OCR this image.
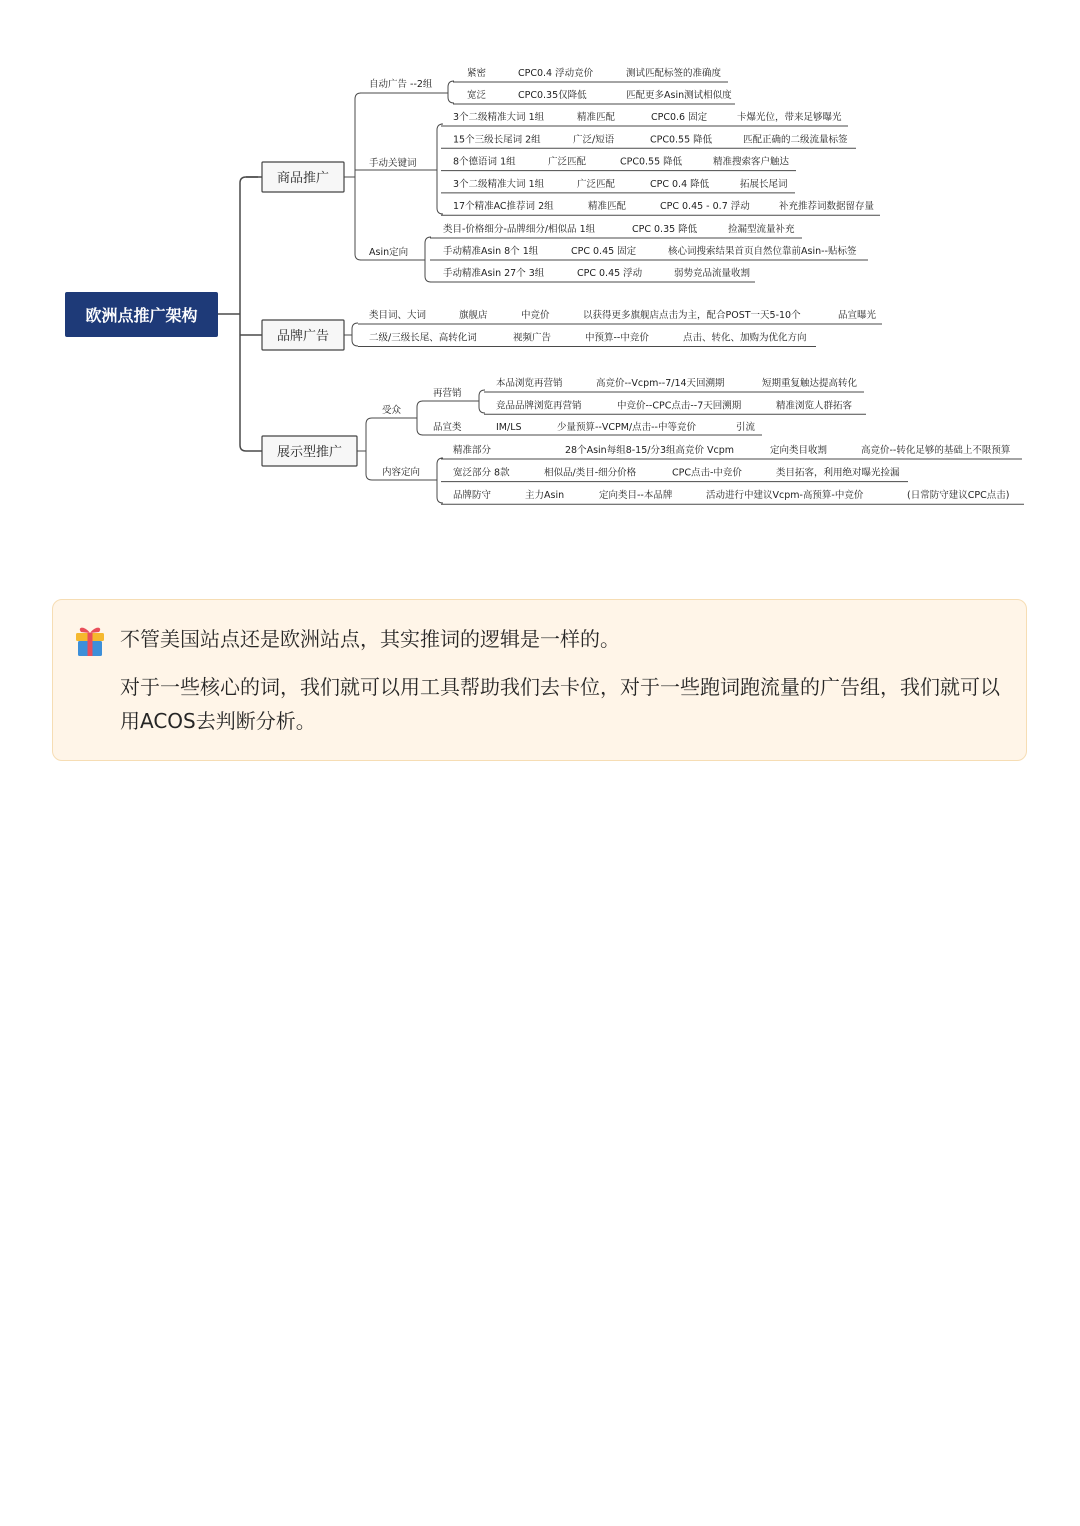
欧洲点推广架构
商品推广
品牌广告
展示型推广
自动广告 --2组
手动关键词
Asin定向
紧密	CPC0.4 浮动竞价	测试匹配标签的准确度
宽泛	CPC0.35仅降低	匹配更多Asin测试相似度
3个二级精准大词 1组	精准匹配	CPC0.6 固定	卡爆光位，带来足够曝光
15个三级长尾词 2组	广泛/短语	CPC0.55 降低	匹配正确的二级流量标签
8个德语词 1组	广泛匹配	CPC0.55 降低	精准搜索客户触达
3个二级精准大词 1组	广泛匹配	CPC 0.4 降低	拓展长尾词
17个精准AC推荐词 2组	精准匹配	CPC 0.45 - 0.7 浮动	补充推荐词数据留存量
类目-价格细分-品牌细分/相似品 1组	CPC 0.35 降低	捡漏型流量补充
手动精准Asin 8个 1组	CPC 0.45 固定	核心词搜索结果首页自然位靠前Asin--贴标签
手动精准Asin 27个 3组	CPC 0.45 浮动	弱势竞品流量收割
类目词、大词	旗舰店	中竞价	以获得更多旗舰店点击为主，配合POST一天5-10个	品宣曝光
二级/三级长尾、高转化词	视频广告	中预算--中竞价	点击、转化、加购为优化方向
受众
内容定向
再营销
本品浏览再营销	高竞价--Vcpm--7/14天回溯期	短期重复触达提高转化
竞品品牌浏览再营销	中竞价--CPC点击--7天回溯期	精准浏览人群拓客
品宣类	IM/LS	少量预算--VCPM/点击--中等竞价	引流
精准部分	28个Asin每组8-15/分3组高竞价 Vcpm	定向类目收割	高竞价--转化足够的基础上不限预算
宽泛部分 8款	相似品/类目-细分价格	CPC点击-中竞价	类目拓客，利用绝对曝光捡漏
品牌防守	主力Asin	定向类目--本品牌	活动进行中建议Vcpm-高预算-中竞价	(日常防守建议CPC点击)

不管美国站点还是欧洲站点，其实推词的逻辑是一样的。

对于一些核心的词，我们就可以用工具帮助我们去卡位，对于一些跑词跑流量的广告组，我们就可以用ACOS去判断分析。
